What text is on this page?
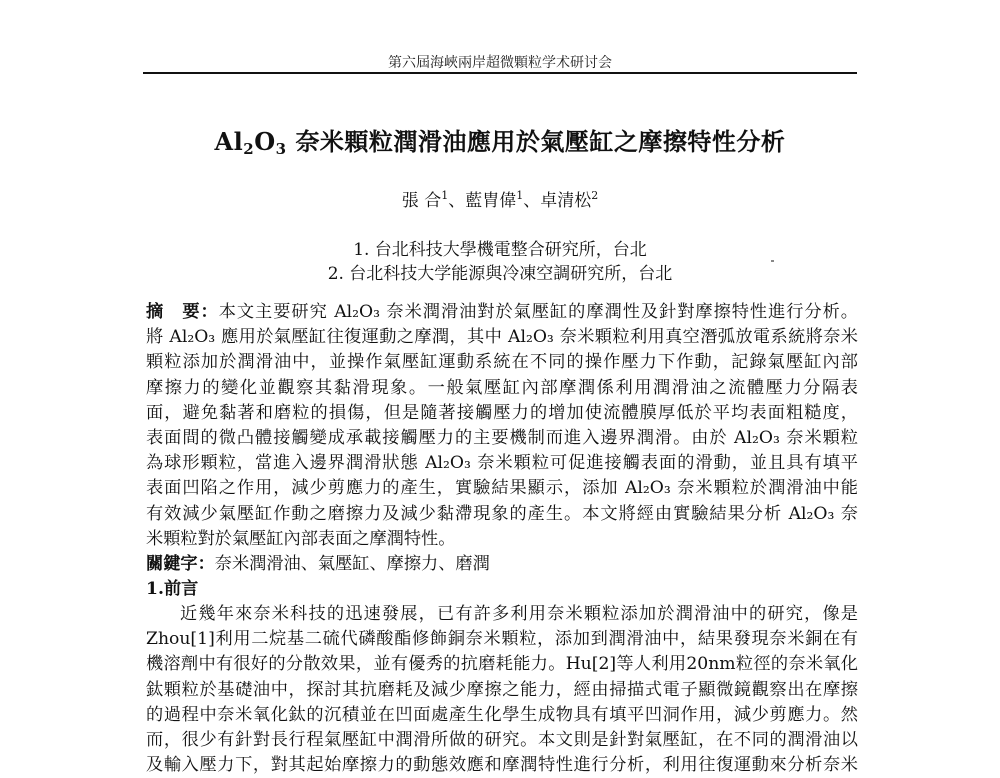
第六屆海峽兩岸超微顆粒学术研讨会
$Al_2O_3$ 奈米顆粒潤滑油應用於氣壓缸之摩擦特性分析
張 合$^1$、藍胄偉$^1$、卓清松$^2$
1. 台北科技大學機電整合研究所，台北
2. 台北科技大学能源與冷凍空調研究所，台北
摘　要：本文主要研究 Al₂O₃ 奈米潤滑油對於氣壓缸的摩潤性及針對摩擦特性進行分析。
將 Al₂O₃ 應用於氣壓缸往復運動之摩潤，其中 Al₂O₃ 奈米顆粒利用真空潛弧放電系統將奈米
顆粒添加於潤滑油中，並操作氣壓缸運動系統在不同的操作壓力下作動，記錄氣壓缸內部
摩擦力的變化並觀察其黏滑現象。一般氣壓缸內部摩潤係利用潤滑油之流體壓力分隔表
面，避免黏著和磨粒的損傷，但是隨著接觸壓力的增加使流體膜厚低於平均表面粗糙度，
表面間的微凸體接觸變成承載接觸壓力的主要機制而進入邊界潤滑。由於 Al₂O₃ 奈米顆粒
為球形顆粒，當進入邊界潤滑狀態 Al₂O₃ 奈米顆粒可促進接觸表面的滑動，並且具有填平
表面凹陷之作用，減少剪應力的產生，實驗結果顯示，添加 Al₂O₃ 奈米顆粒於潤滑油中能
有效減少氣壓缸作動之磨擦力及減少黏滯現象的產生。本文將經由實驗結果分析 Al₂O₃ 奈
米顆粒對於氣壓缸內部表面之摩潤特性。
關鍵字：奈米潤滑油、氣壓缸、摩擦力、磨潤
1.前言
近幾年來奈米科技的迅速發展，已有許多利用奈米顆粒添加於潤滑油中的研究，像是
Zhou[1]利用二烷基二硫代磷酸酯修飾銅奈米顆粒，添加到潤滑油中，結果發現奈米銅在有
機溶劑中有很好的分散效果，並有優秀的抗磨耗能力。Hu[2]等人利用20nm粒徑的奈米氧化
鈦顆粒於基礎油中，探討其抗磨耗及減少摩擦之能力，經由掃描式電子顯微鏡觀察出在摩擦
的過程中奈米氧化鈦的沉積並在凹面處產生化學生成物具有填平凹洞作用，減少剪應力。然
而，很少有針對長行程氣壓缸中潤滑所做的研究。本文則是針對氣壓缸，在不同的潤滑油以
及輸入壓力下，對其起始摩擦力的動態效應和摩潤特性進行分析，利用往復運動來分析奈米
